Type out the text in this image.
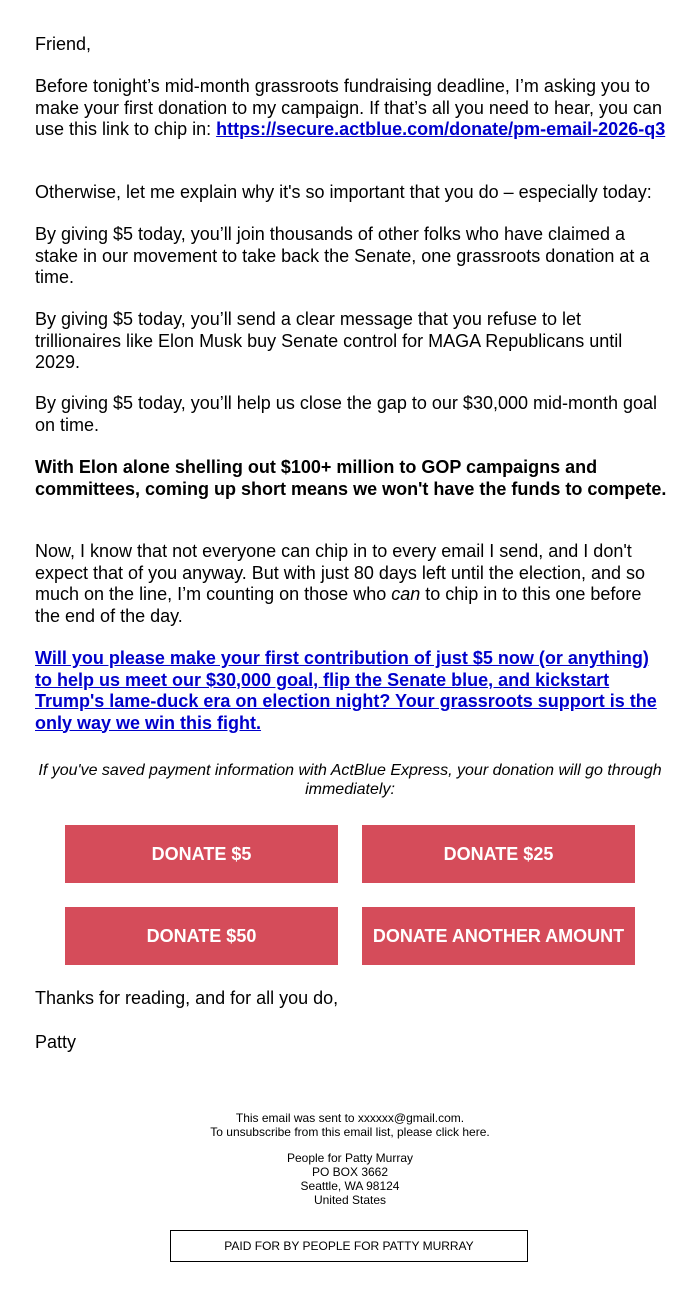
Friend,

Before tonight’s mid-month grassroots fundraising deadline, I’m asking you to make your first donation to my campaign. If that’s all you need to hear, you can use this link to chip in: https://secure.actblue.com/donate/pm-email-2026-q3

Otherwise, let me explain why it's so important that you do – especially today:

By giving $5 today, you’ll join thousands of other folks who have claimed a stake in our movement to take back the Senate, one grassroots donation at a time.

By giving $5 today, you’ll send a clear message that you refuse to let trillionaires like Elon Musk buy Senate control for MAGA Republicans until 2029.

By giving $5 today, you’ll help us close the gap to our $30,000 mid-month goal on time.

With Elon alone shelling out $100+ million to GOP campaigns and committees, coming up short means we won't have the funds to compete.

Now, I know that not everyone can chip in to every email I send, and I don't expect that of you anyway. But with just 80 days left until the election, and so much on the line, I’m counting on those who can to chip in to this one before the end of the day.

Will you please make your first contribution of just $5 now (or anything) to help us meet our $30,000 goal, flip the Senate blue, and kickstart Trump's lame-duck era on election night? Your grassroots support is the only way we win this fight.

If you've saved payment information with ActBlue Express, your donation will go through immediately:

DONATE $5	DONATE $25
DONATE $50	DONATE ANOTHER AMOUNT

Thanks for reading, and for all you do,

Patty

This email was sent to xxxxxx@gmail.com.
To unsubscribe from this email list, please click here.
People for Patty Murray
PO BOX 3662
Seattle, WA 98124
United States
PAID FOR BY PEOPLE FOR PATTY MURRAY
